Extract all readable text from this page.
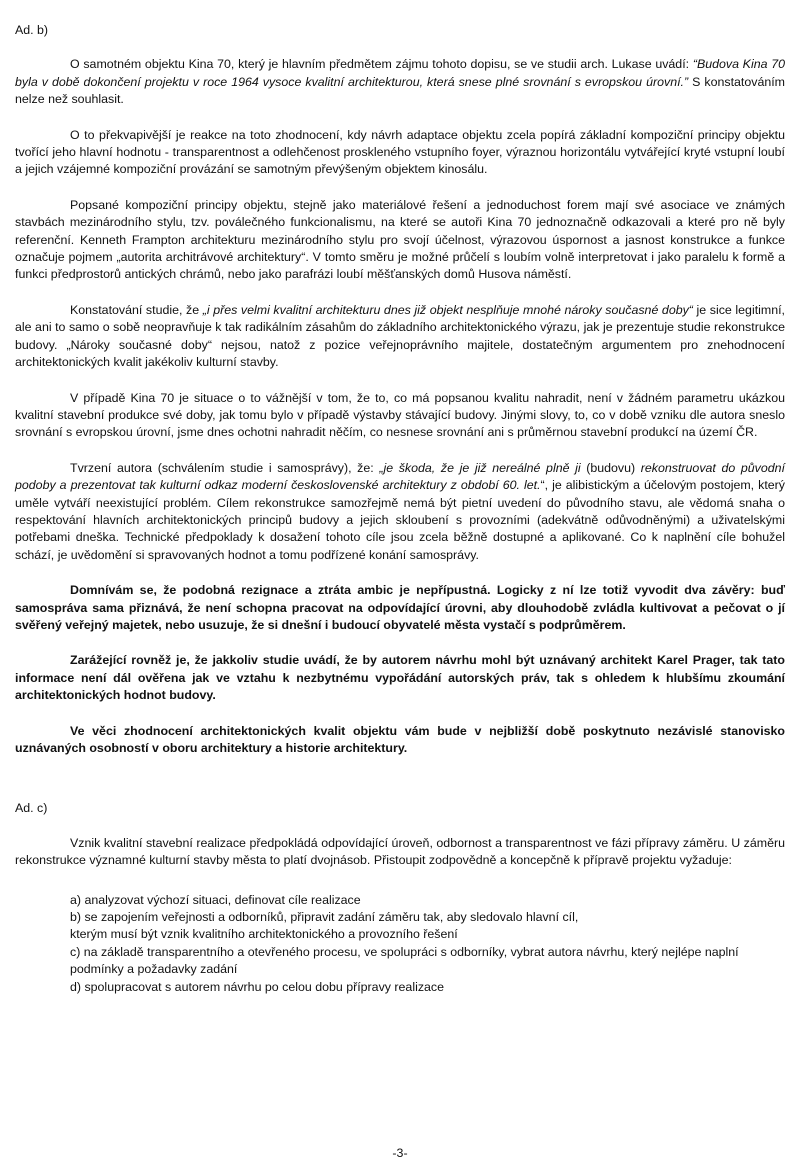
Ad. b)

O samotném objektu Kina 70, který je hlavním předmětem zájmu tohoto dopisu, se ve studii arch. Lukase uvádí: “Budova Kina 70 byla v době dokončení projektu v roce 1964 vysoce kvalitní architekturou, která snese plné srovnání s evropskou úrovní.” S konstatováním nelze než souhlasit.

O to překvapivější je reakce na toto zhodnocení, kdy návrh adaptace objektu zcela popírá základní kompoziční principy objektu tvořící jeho hlavní hodnotu - transparentnost a odlehčenost proskleného vstupního foyer, výraznou horizontálu vytvářející kryté vstupní loubí a jejich vzájemné kompoziční provázání se samotným převýšeným objektem kinosálu.

Popsané kompoziční principy objektu, stejně jako materiálové řešení a jednoduchost forem mají své asociace ve známých stavbách mezinárodního stylu, tzv. poválečného funkcionalismu, na které se autoři Kina 70 jednoznačně odkazovali a které pro ně byly referenční. Kenneth Frampton architekturu mezinárodního stylu pro svojí účelnost, výrazovou úspornost a jasnost konstrukce a funkce označuje pojmem „autorita architrávové architektury“. V tomto směru je možné průčelí s loubím volně interpretovat i jako paralelu k formě a funkci předprostorů antických chrámů, nebo jako parafrázi loubí měšťanských domů Husova náměstí.

Konstatování studie, že „i přes velmi kvalitní architekturu dnes již objekt nesplňuje mnohé nároky současné doby“ je sice legitimní, ale ani to samo o sobě neopravňuje k tak radikálním zásahům do základního architektonického výrazu, jak je prezentuje studie rekonstrukce budovy. „Nároky současné doby“ nejsou, natož z pozice veřejnoprávního majitele, dostatečným argumentem pro znehodnocení architektonických kvalit jakékoliv kulturní stavby.

V případě Kina 70 je situace o to vážnější v tom, že to, co má popsanou kvalitu nahradit, není v žádném parametru ukázkou kvalitní stavební produkce své doby, jak tomu bylo v případě výstavby stávající budovy. Jinými slovy, to, co v době vzniku dle autora sneslo srovnání s evropskou úrovní, jsme dnes ochotni nahradit něčím, co nesnese srovnání ani s průměrnou stavební produkcí na území ČR.

Tvrzení autora (schválením studie i samosprávy), že: „je škoda, že je již nereálné plně ji (budovu) rekonstruovat do původní podoby a prezentovat tak kulturní odkaz moderní československé architektury z období 60. let.“, je alibistickým a účelovým postojem, který uměle vytváří neexistující problém. Cílem rekonstrukce samozřejmě nemá být pietní uvedení do původního stavu, ale vědomá snaha o respektování hlavních architektonických principů budovy a jejich skloubení s provozními (adekvátně odůvodněnými) a uživatelskými potřebami dneška. Technické předpoklady k dosažení tohoto cíle jsou zcela běžně dostupné a aplikované. Co k naplnění cíle bohužel schází, je uvědomění si spravovaných hodnot a tomu podřízené konání samosprávy.

Domnívám se, že podobná rezignace a ztráta ambic je nepřípustná. Logicky z ní lze totiž vyvodit dva závěry: buď samospráva sama přiznává, že není schopna pracovat na odpovídající úrovni, aby dlouhodobě zvládla kultivovat a pečovat o jí svěřený veřejný majetek, nebo usuzuje, že si dnešní i budoucí obyvatelé města vystačí s podprůměrem.

Zarážející rovněž je, že jakkoliv studie uvádí, že by autorem návrhu mohl být uznávaný architekt Karel Prager, tak tato informace není dál ověřena jak ve vztahu k nezbytnému vypořádání autorských práv, tak s ohledem k hlubšímu zkoumání architektonických hodnot budovy.

Ve věci zhodnocení architektonických kvalit objektu vám bude v nejbližší době poskytnuto nezávislé stanovisko uznávaných osobností v oboru architektury a historie architektury.

Ad. c)

Vznik kvalitní stavební realizace předpokládá odpovídající úroveň, odbornost a transparentnost ve fázi přípravy záměru. U záměru rekonstrukce významné kulturní stavby města to platí dvojnásob. Přistoupit zodpovědně a koncepčně k přípravě projektu vyžaduje:

a) analyzovat výchozí situaci, definovat cíle realizace

b) se zapojením veřejnosti a odborníků, připravit zadání záměru tak, aby sledovalo hlavní cíl,

kterým musí být vznik kvalitního architektonického a provozního řešení

c) na základě transparentního a otevřeného procesu, ve spolupráci s odborníky, vybrat autora návrhu, který nejlépe naplní podmínky a požadavky zadání

d) spolupracovat s autorem návrhu po celou dobu přípravy realizace

-3-
